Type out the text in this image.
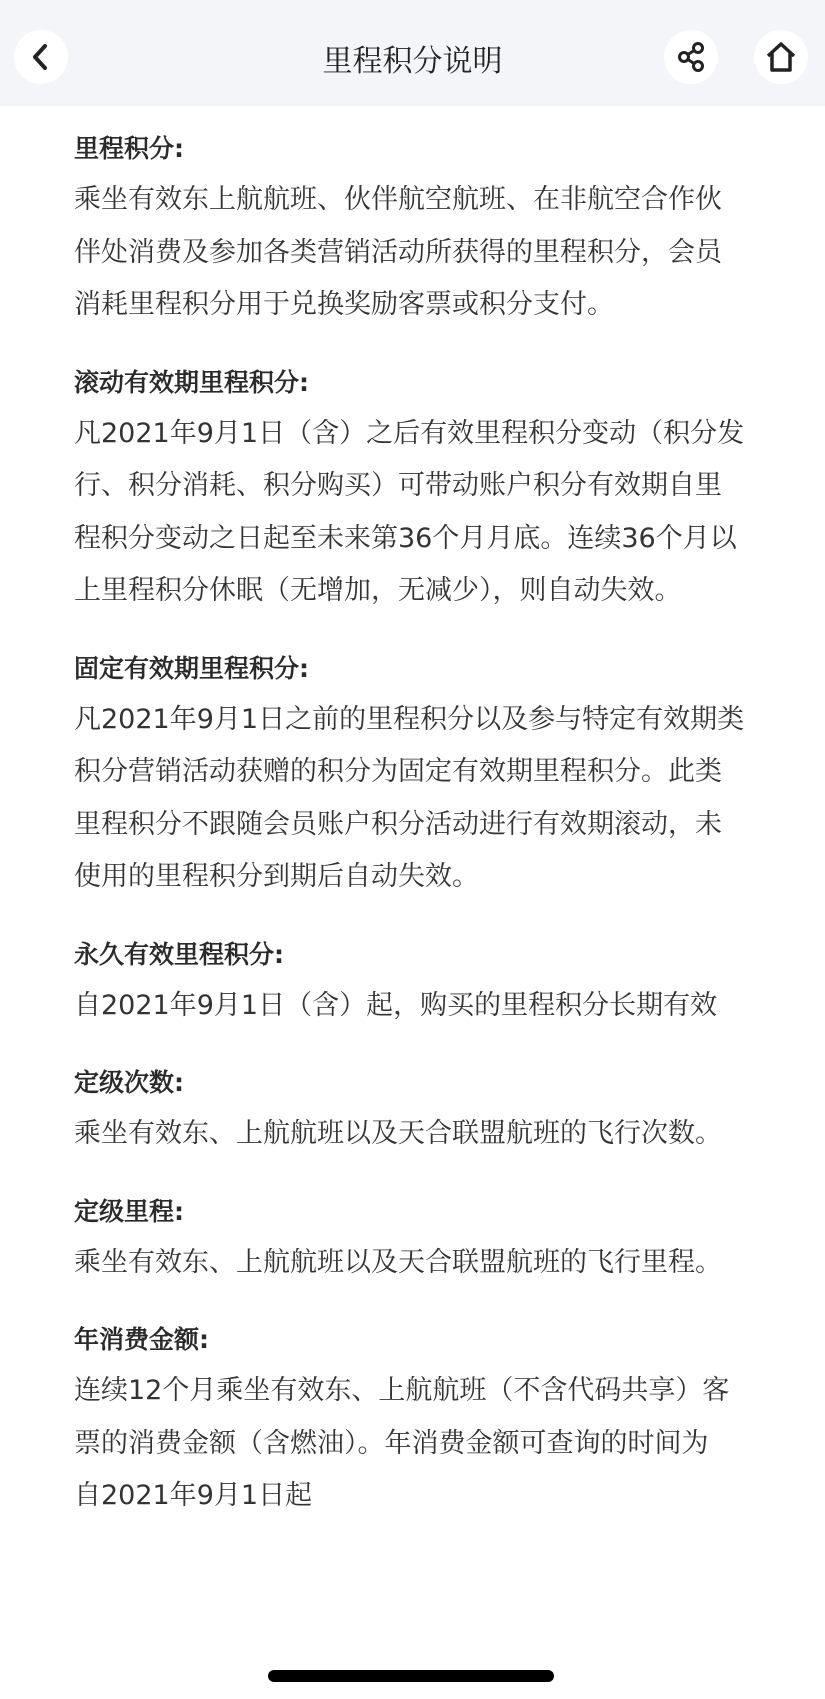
里程积分说明
里程积分:
乘坐有效东上航航班、伙伴航空航班、在非航空合作伙
伴处消费及参加各类营销活动所获得的里程积分，会员
消耗里程积分用于兑换奖励客票或积分支付。
滚动有效期里程积分:
凡2021年9月1日（含）之后有效里程积分变动（积分发
行、积分消耗、积分购买）可带动账户积分有效期自里
程积分变动之日起至未来第36个月月底。连续36个月以
上里程积分休眠（无增加，无减少），则自动失效。
固定有效期里程积分:
凡2021年9月1日之前的里程积分以及参与特定有效期类
积分营销活动获赠的积分为固定有效期里程积分。此类
里程积分不跟随会员账户积分活动进行有效期滚动，未
使用的里程积分到期后自动失效。
永久有效里程积分:
自2021年9月1日（含）起，购买的里程积分长期有效
定级次数:
乘坐有效东、上航航班以及天合联盟航班的飞行次数。
定级里程:
乘坐有效东、上航航班以及天合联盟航班的飞行里程。
年消费金额:
连续12个月乘坐有效东、上航航班（不含代码共享）客
票的消费金额（含燃油）。年消费金额可查询的时间为
自2021年9月1日起
